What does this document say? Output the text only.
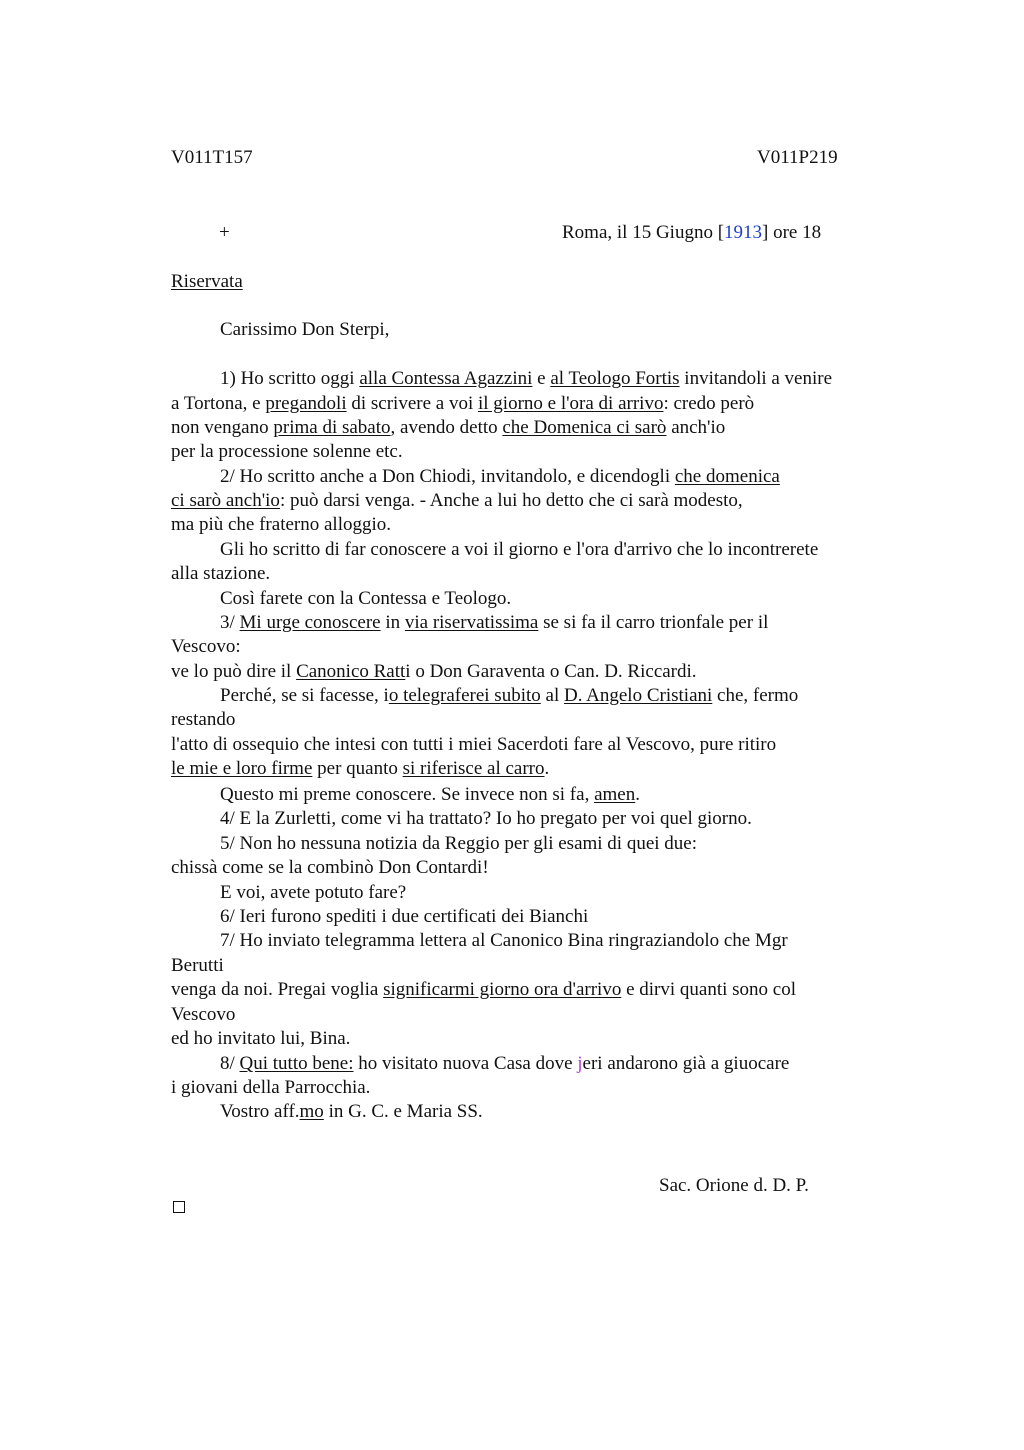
V011T157	V011P219
+	Roma, il 15 Giugno [1913] ore 18
Riservata
Carissimo Don Sterpi,
1) Ho scritto oggi alla Contessa Agazzini e al Teologo Fortis invitandoli a venire
a Tortona, e pregandoli di scrivere a voi il giorno e l'ora di arrivo: credo però
non vengano prima di sabato, avendo detto che Domenica ci sarò anch'io
per la processione solenne etc.
2/ Ho scritto anche a Don Chiodi, invitandolo, e dicendogli che domenica
ci sarò anch'io: può darsi venga. - Anche a lui ho detto che ci sarà modesto,
ma più che fraterno alloggio.
Gli ho scritto di far conoscere a voi il giorno e l'ora d'arrivo che lo incontrerete
alla stazione.
Così farete con la Contessa e Teologo.
3/ Mi urge conoscere in via riservatissima se si fa il carro trionfale per il
Vescovo:
ve lo può dire il Canonico Ratti o Don Garaventa o Can. D. Riccardi.
Perché, se si facesse, io telegraferei subito al D. Angelo Cristiani che, fermo
restando
l'atto di ossequio che intesi con tutti i miei Sacerdoti fare al Vescovo, pure ritiro
le mie e loro firme per quanto si riferisce al carro.
Questo mi preme conoscere. Se invece non si fa, amen.
4/ E la Zurletti, come vi ha trattato? Io ho pregato per voi quel giorno.
5/ Non ho nessuna notizia da Reggio per gli esami di quei due:
chissà come se la combinò Don Contardi!
E voi, avete potuto fare?
6/ Ieri furono spediti i due certificati dei Bianchi
7/ Ho inviato telegramma lettera al Canonico Bina ringraziandolo che Mgr
Berutti
venga da noi. Pregai voglia significarmi giorno ora d'arrivo e dirvi quanti sono col
Vescovo
ed ho invitato lui, Bina.
8/ Qui tutto bene: ho visitato nuova Casa dove jeri andarono già a giuocare
i giovani della Parrocchia.
Vostro aff.mo in G. C. e Maria SS.
Sac. Orione d. D. P.
